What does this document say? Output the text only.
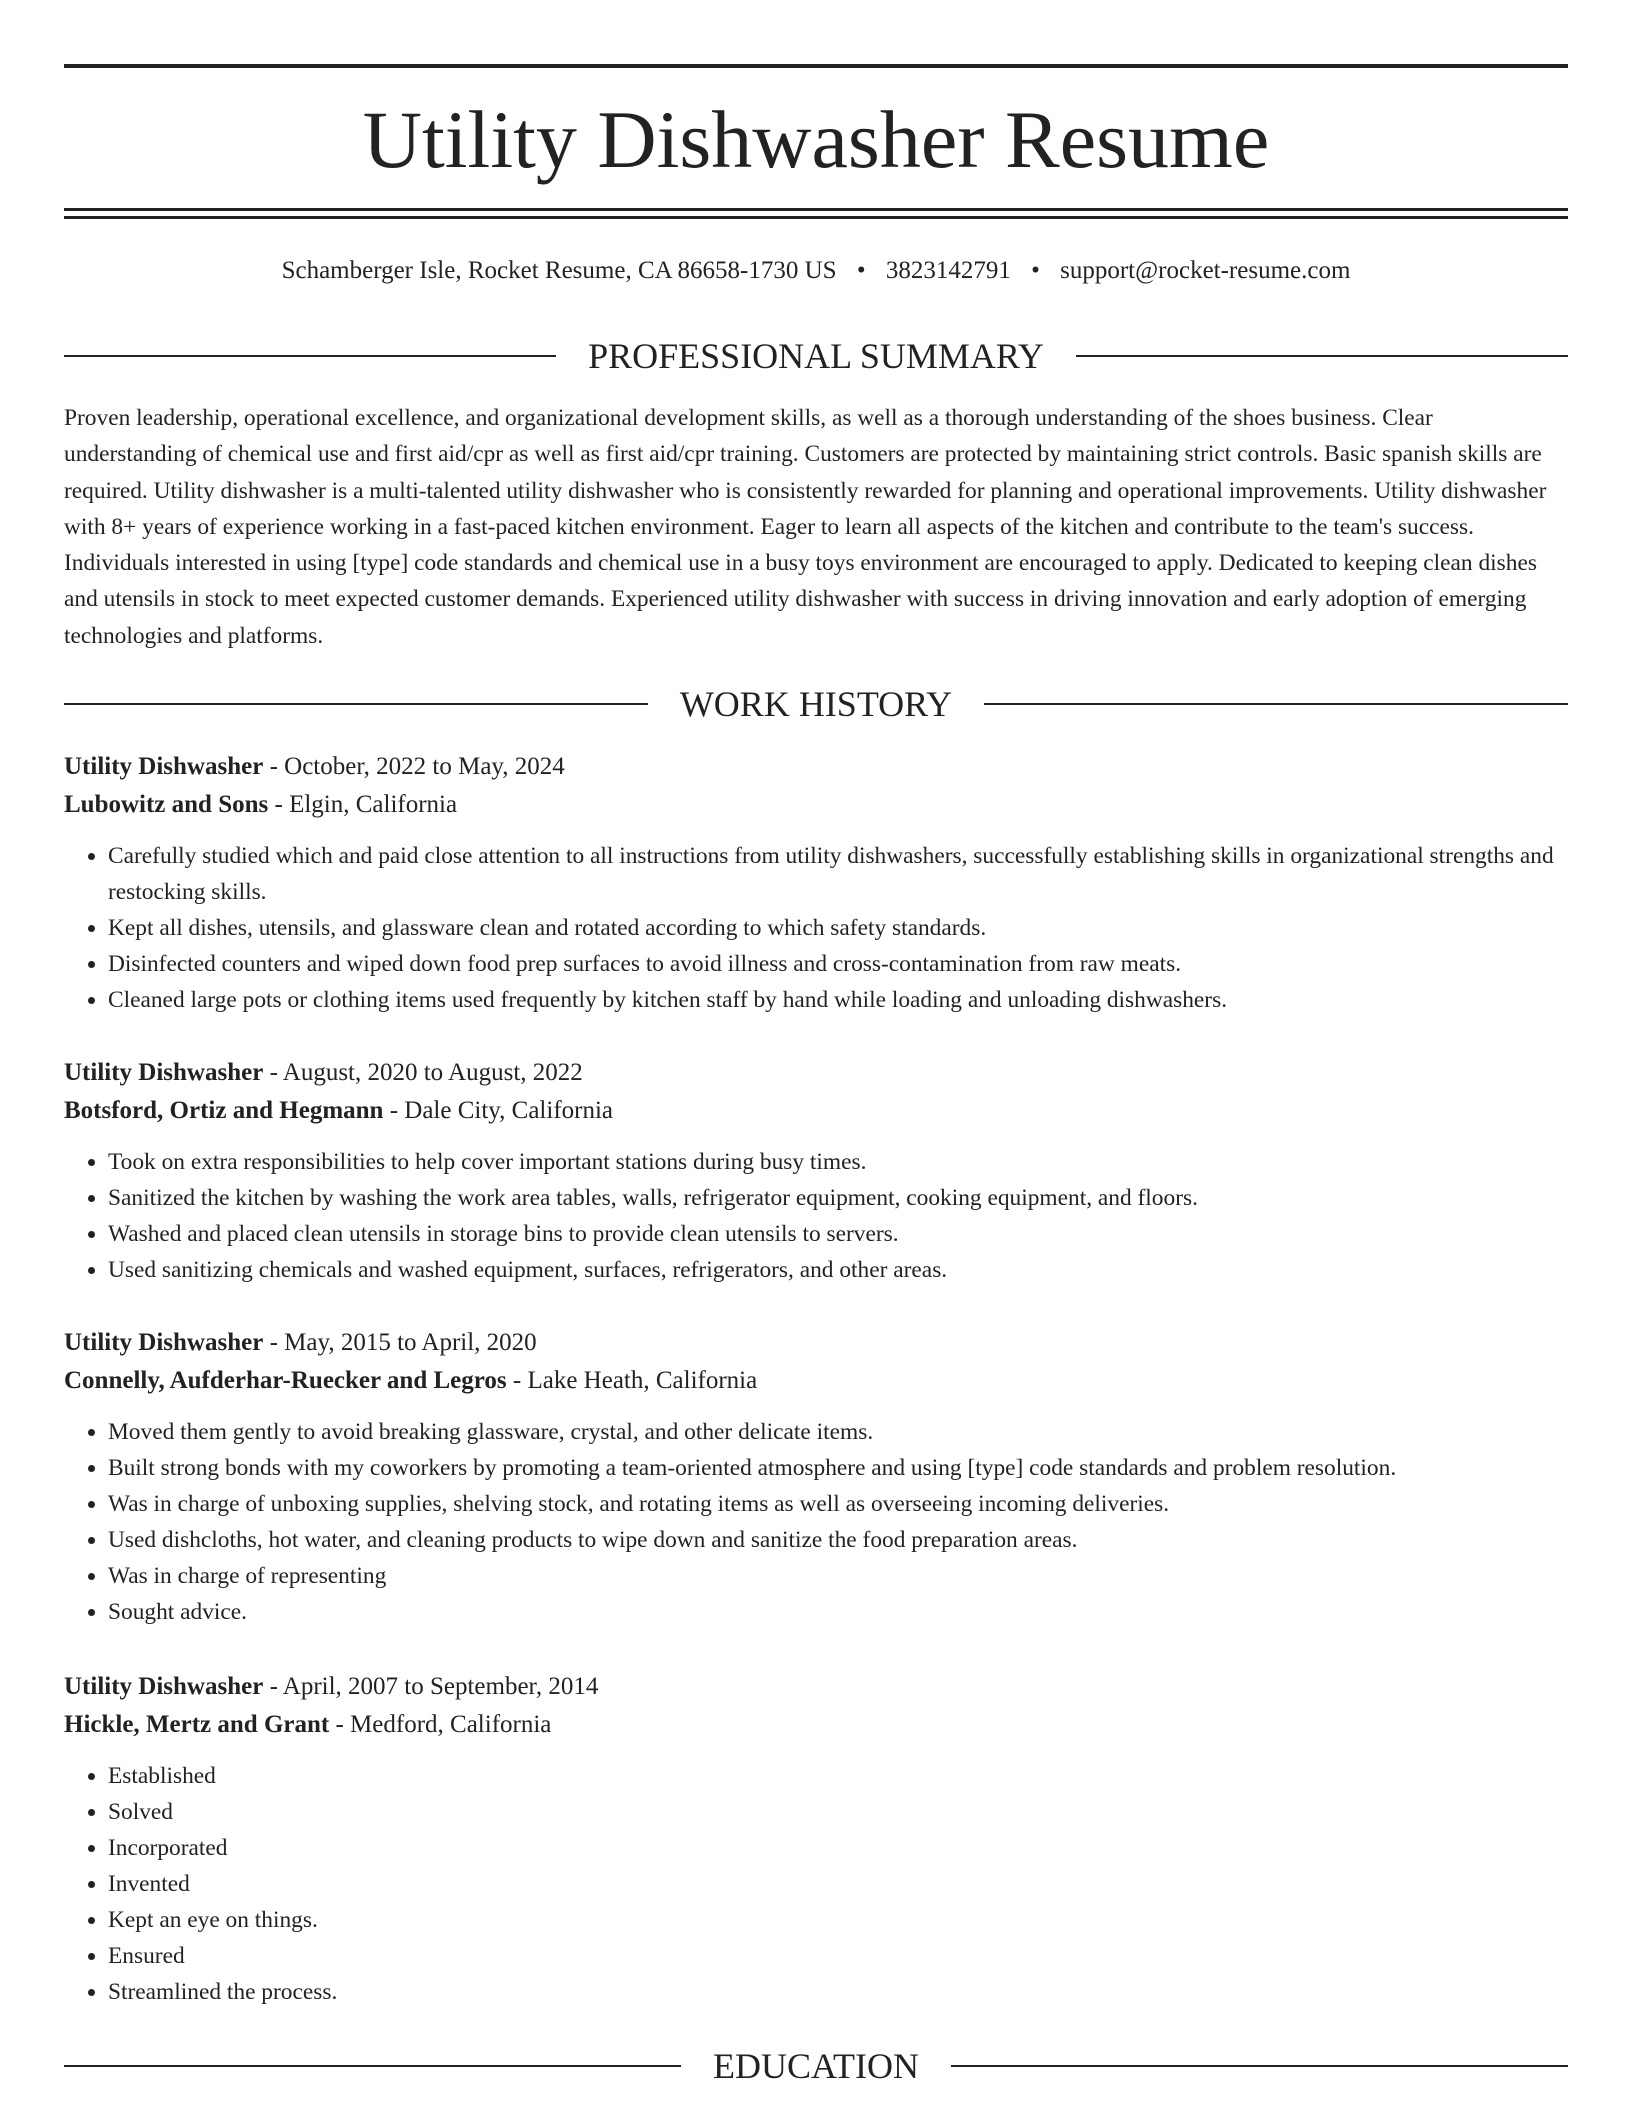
Utility Dishwasher Resume
Schamberger Isle, Rocket Resume, CA 86658-1730 US • 3823142791 • support@rocket-resume.com
PROFESSIONAL SUMMARY

Proven leadership, operational excellence, and organizational development skills, as well as a thorough understanding of the shoes business. Clear understanding of chemical use and first aid/cpr as well as first aid/cpr training. Customers are protected by maintaining strict controls. Basic spanish skills are required. Utility dishwasher is a multi-talented utility dishwasher who is consistently rewarded for planning and operational improvements. Utility dishwasher with 8+ years of experience working in a fast-paced kitchen environment. Eager to learn all aspects of the kitchen and contribute to the team's success. Individuals interested in using [type] code standards and chemical use in a busy toys environment are encouraged to apply. Dedicated to keeping clean dishes and utensils in stock to meet expected customer demands. Experienced utility dishwasher with success in driving innovation and early adoption of emerging technologies and platforms.

WORK HISTORY
Utility Dishwasher - October, 2022 to May, 2024
Lubowitz and Sons - Elgin, California
• Carefully studied which and paid close attention to all instructions from utility dishwashers, successfully establishing skills in organizational strengths and restocking skills.
• Kept all dishes, utensils, and glassware clean and rotated according to which safety standards.
• Disinfected counters and wiped down food prep surfaces to avoid illness and cross-contamination from raw meats.
• Cleaned large pots or clothing items used frequently by kitchen staff by hand while loading and unloading dishwashers.
Utility Dishwasher - August, 2020 to August, 2022
Botsford, Ortiz and Hegmann - Dale City, California
• Took on extra responsibilities to help cover important stations during busy times.
• Sanitized the kitchen by washing the work area tables, walls, refrigerator equipment, cooking equipment, and floors.
• Washed and placed clean utensils in storage bins to provide clean utensils to servers.
• Used sanitizing chemicals and washed equipment, surfaces, refrigerators, and other areas.
Utility Dishwasher - May, 2015 to April, 2020
Connelly, Aufderhar-Ruecker and Legros - Lake Heath, California
• Moved them gently to avoid breaking glassware, crystal, and other delicate items.
• Built strong bonds with my coworkers by promoting a team-oriented atmosphere and using [type] code standards and problem resolution.
• Was in charge of unboxing supplies, shelving stock, and rotating items as well as overseeing incoming deliveries.
• Used dishcloths, hot water, and cleaning products to wipe down and sanitize the food preparation areas.
• Was in charge of representing
• Sought advice.
Utility Dishwasher - April, 2007 to September, 2014
Hickle, Mertz and Grant - Medford, California
• Established
• Solved
• Incorporated
• Invented
• Kept an eye on things.
• Ensured
• Streamlined the process.
EDUCATION
